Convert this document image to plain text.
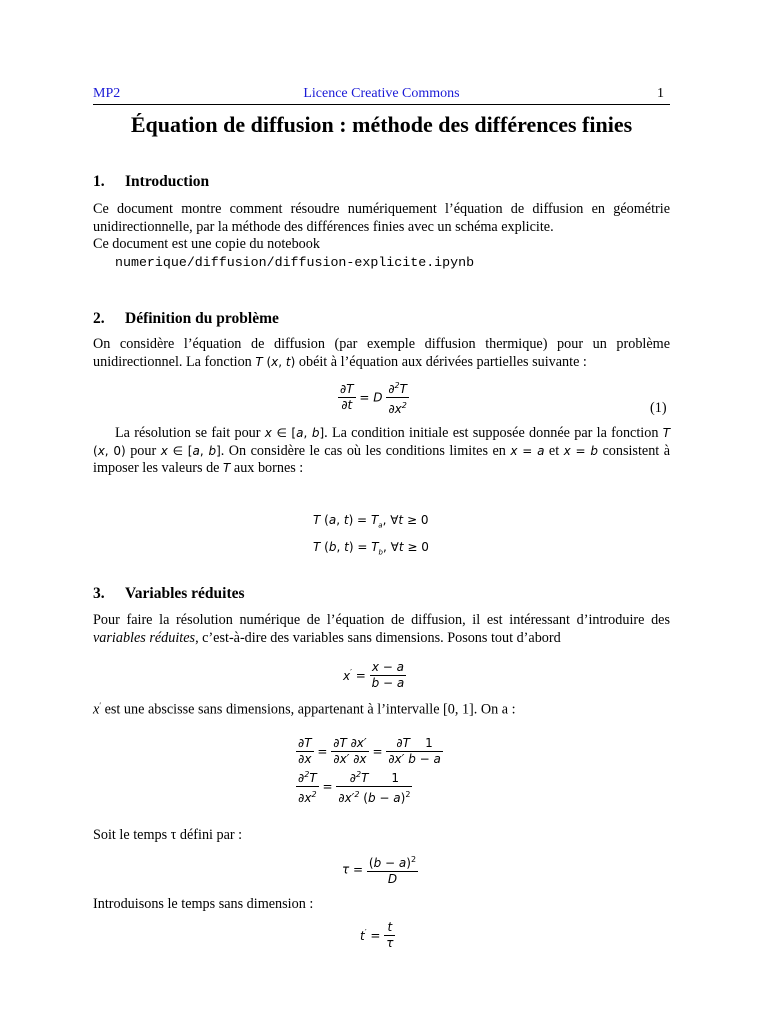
MP2	Licence Creative Commons	1
Équation de diffusion : méthode des différences finies
1. Introduction
Ce document montre comment résoudre numériquement l’équation de diffusion en géométrie unidirectionnelle, par la méthode des différences finies avec un schéma explicite.
Ce document est une copie du notebook
numerique/diffusion/diffusion-explicite.ipynb
2. Définition du problème
On considère l’équation de diffusion (par exemple diffusion thermique) pour un problème unidirectionnel. La fonction T (x, t) obéit à l’équation aux dérivées partielles suivante :
$\frac{\partial T}{\partial t} = D \frac{\partial^2T}{\partial x^2}$	(1)
La résolution se fait pour x ∈ [a, b]. La condition initiale est supposée donnée par la fonction T (x, 0) pour x ∈ [a, b]. On considère le cas où les conditions limites en x = a et x = b consistent à imposer les valeurs de T aux bornes :
T (a, $t) = T_a$, ∀t ≥ 0
T (b, $t) = T_b$, ∀t ≥ 0
3. Variables réduites
Pour faire la résolution numérique de l’équation de diffusion, il est intéressant d’introduire des variables réduites, c’est-à-dire des variables sans dimensions. Posons tout d’abord
$x' = \frac{x - a}{b - a}$
x′ est une abscisse sans dimensions, appartenant à l’intervalle [0, 1]. On a :
$\frac{\partial T}{\partial x} = \frac{\partial T \partial x'}{\partial x' \partial x} = \frac{\partial T 1}{\partial x' b - a}$
$\frac{\partial^2T}{\partial x^2} = \frac{\partial^2T 1}{\partial x'^2 (b - a)^2}$
Soit le temps τ défini par :
$\tau = \frac{(b - a)^2}{D}$
Introduisons le temps sans dimension :
$t' = \frac{t}{\tau}$
